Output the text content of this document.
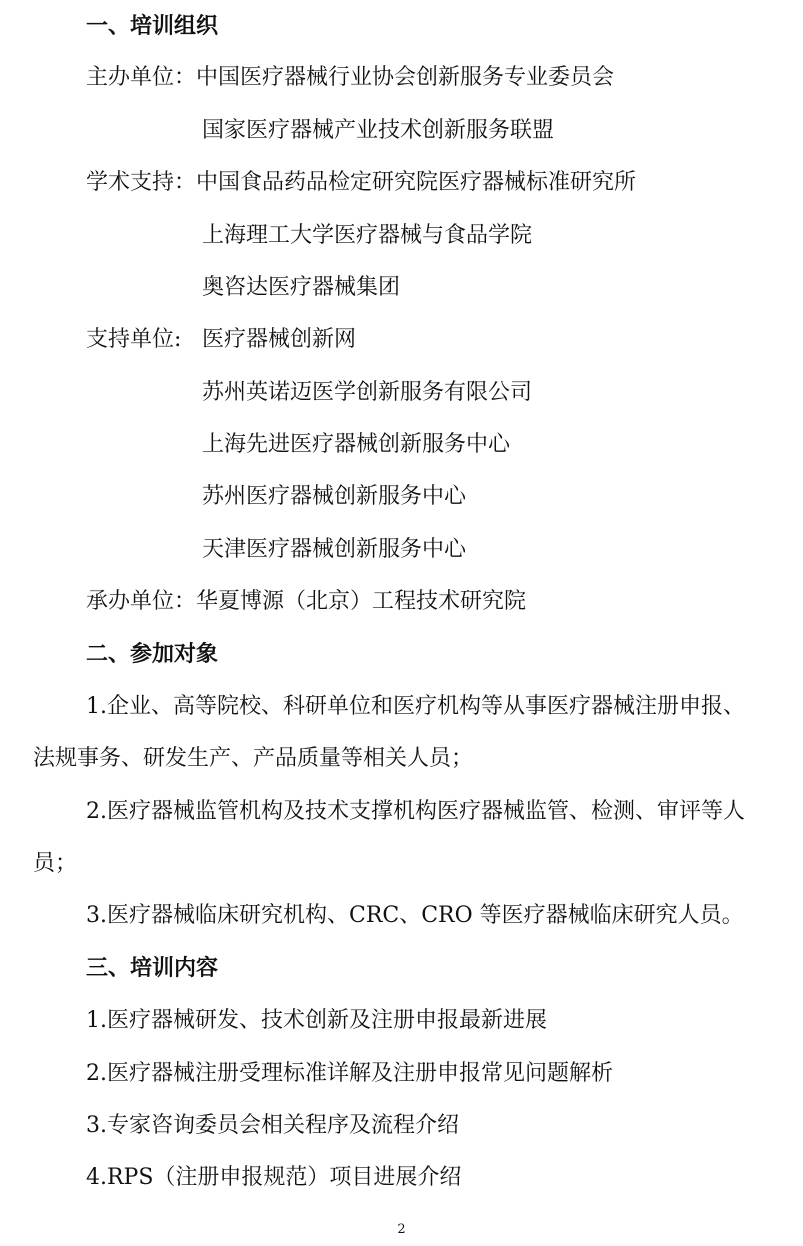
一、培训组织
主办单位：中国医疗器械行业协会创新服务专业委员会
国家医疗器械产业技术创新服务联盟
学术支持：中国食品药品检定研究院医疗器械标准研究所
上海理工大学医疗器械与食品学院
奥咨达医疗器械集团
支持单位:医疗器械创新网
苏州英诺迈医学创新服务有限公司
上海先进医疗器械创新服务中心
苏州医疗器械创新服务中心
天津医疗器械创新服务中心
承办单位：华夏博源（北京）工程技术研究院
二、参加对象
1.企业、高等院校、科研单位和医疗机构等从事医疗器械注册申报、
法规事务、研发生产、产品质量等相关人员；
2.医疗器械监管机构及技术支撑机构医疗器械监管、检测、审评等人
员；
3.医疗器械临床研究机构、CRC、CRO 等医疗器械临床研究人员。
三、培训内容
1.医疗器械研发、技术创新及注册申报最新进展
2.医疗器械注册受理标准详解及注册申报常见问题解析
3.专家咨询委员会相关程序及流程介绍
4.RPS（注册申报规范）项目进展介绍
2
